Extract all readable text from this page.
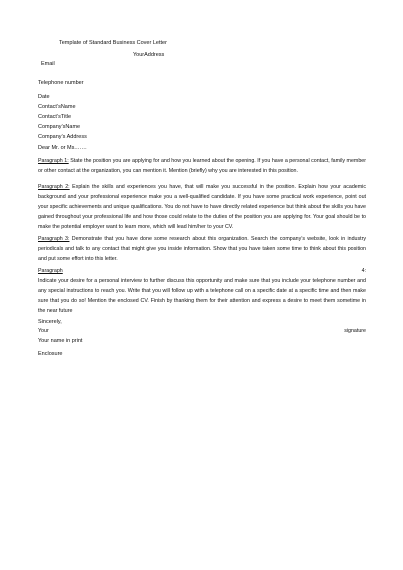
Template of Standard Business Cover Letter
YourAddress
Email
Telephone number
Date
Contact’sName
Contact’sTitle
Company’sName
Company’s Address
Dear Mr. or Ms.……
Paragraph 1: State the position you are applying for and how you learned about the opening. If you have a personal contact, family member or other contact at the organization, you can mention it. Mention (briefly) why you are interested in this position.
Paragraph 2: Explain the skills and experiences you have, that will make you successful in the position. Explain how your academic background and your professional experience make you a well-qualified candidate. If you have some practical work experience, point out your specific achievements and unique qualifications. You do not have to have directly related experience but think about the skills you have gained throughout your professional life and how those could relate to the duties of the position you are applying for. Your goal should be to make the potential employer want to learn more, which will lead him/her to your CV.
Paragraph 3: Demonstrate that you have done some research about this organization. Search the company’s website, look in industry periodicals and talk to any contact that might give you inside information. Show that you have taken some time to think about this position and put some effort into this letter.
Paragraph	4:
Indicate your desire for a personal interview to further discuss this opportunity and make sure that you include your telephone number and any special instructions to reach you. Write that you will follow up with a telephone call on a specific date at a specific time and then make sure that you do so! Mention the enclosed CV. Finish by thanking them for their attention and express a desire to meet them sometime in the near future
Sincerely,
Your	signature
Your name in print
Enclosure
